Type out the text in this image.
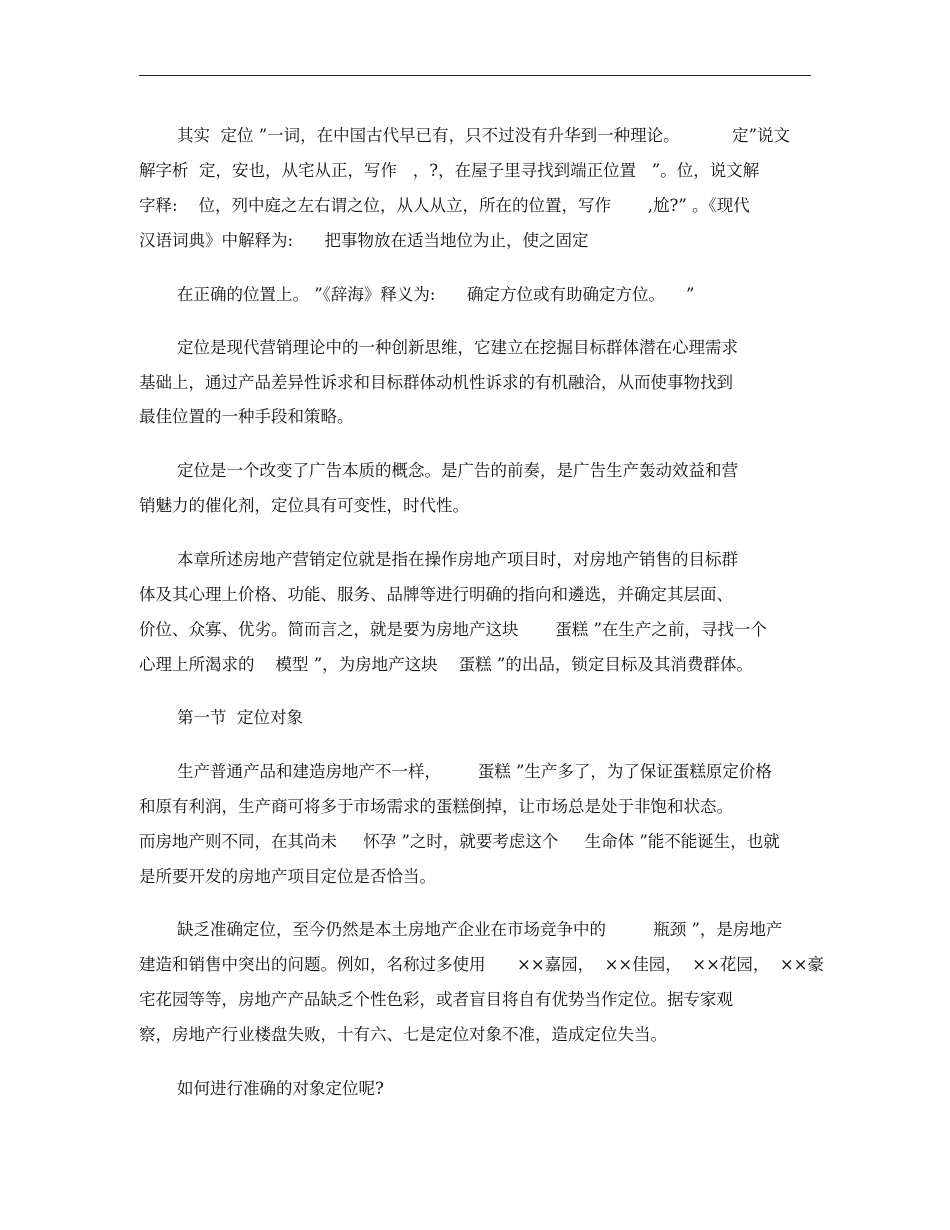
其实  定位 ”一词，在中国古代早已有，只不过没有升华到一种理论。          定”说文
解字析  定，安也，从宅从正，写作   ，?，在屋子里寻找到端正位置   ”。位，说文解
字释:    位，列中庭之左右谓之位，从人从立，所在的位置，写作       ,尬?” 。《现代
汉语词典》中解释为:      把事物放在适当地位为止，使之固定
在正确的位置上。 ”《辞海》释义为:      确定方位或有助确定方位。    ”
定位是现代营销理论中的一种创新思维，它建立在挖掘目标群体潜在心理需求
基础上，通过产品差异性诉求和目标群体动机性诉求的有机融洽，从而使事物找到
最佳位置的一种手段和策略。
定位是一个改变了广告本质的概念。是广告的前奏，是广告生产轰动效益和营
销魅力的催化剂，定位具有可变性，时代性。
本章所述房地产营销定位就是指在操作房地产项目时，对房地产销售的目标群
体及其心理上价格、功能、服务、品牌等进行明确的指向和遴选，并确定其层面、
价位、众寡、优劣。简而言之，就是要为房地产这块       蛋糕 ”在生产之前，寻找一个
心理上所渴求的    模型 ”，为房地产这块    蛋糕 ”的出品，锁定目标及其消费群体。
第一节  定位对象
生产普通产品和建造房地产不一样，       蛋糕 ”生产多了，为了保证蛋糕原定价格
和原有利润，生产商可将多于市场需求的蛋糕倒掉，让市场总是处于非饱和状态。
而房地产则不同，在其尚未     怀孕 ”之时，就要考虑这个     生命体 ”能不能诞生，也就
是所要开发的房地产项目定位是否恰当。
缺乏准确定位，至今仍然是本土房地产企业在市场竞争中的         瓶颈 ”，是房地产
建造和销售中突出的问题。例如，名称过多使用      ××嘉园，  ××佳园，  ××花园，  ××豪
宅花园等等，房地产产品缺乏个性色彩，或者盲目将自有优势当作定位。据专家观
察，房地产行业楼盘失败，十有六、七是定位对象不准，造成定位失当。
如何进行准确的对象定位呢?
